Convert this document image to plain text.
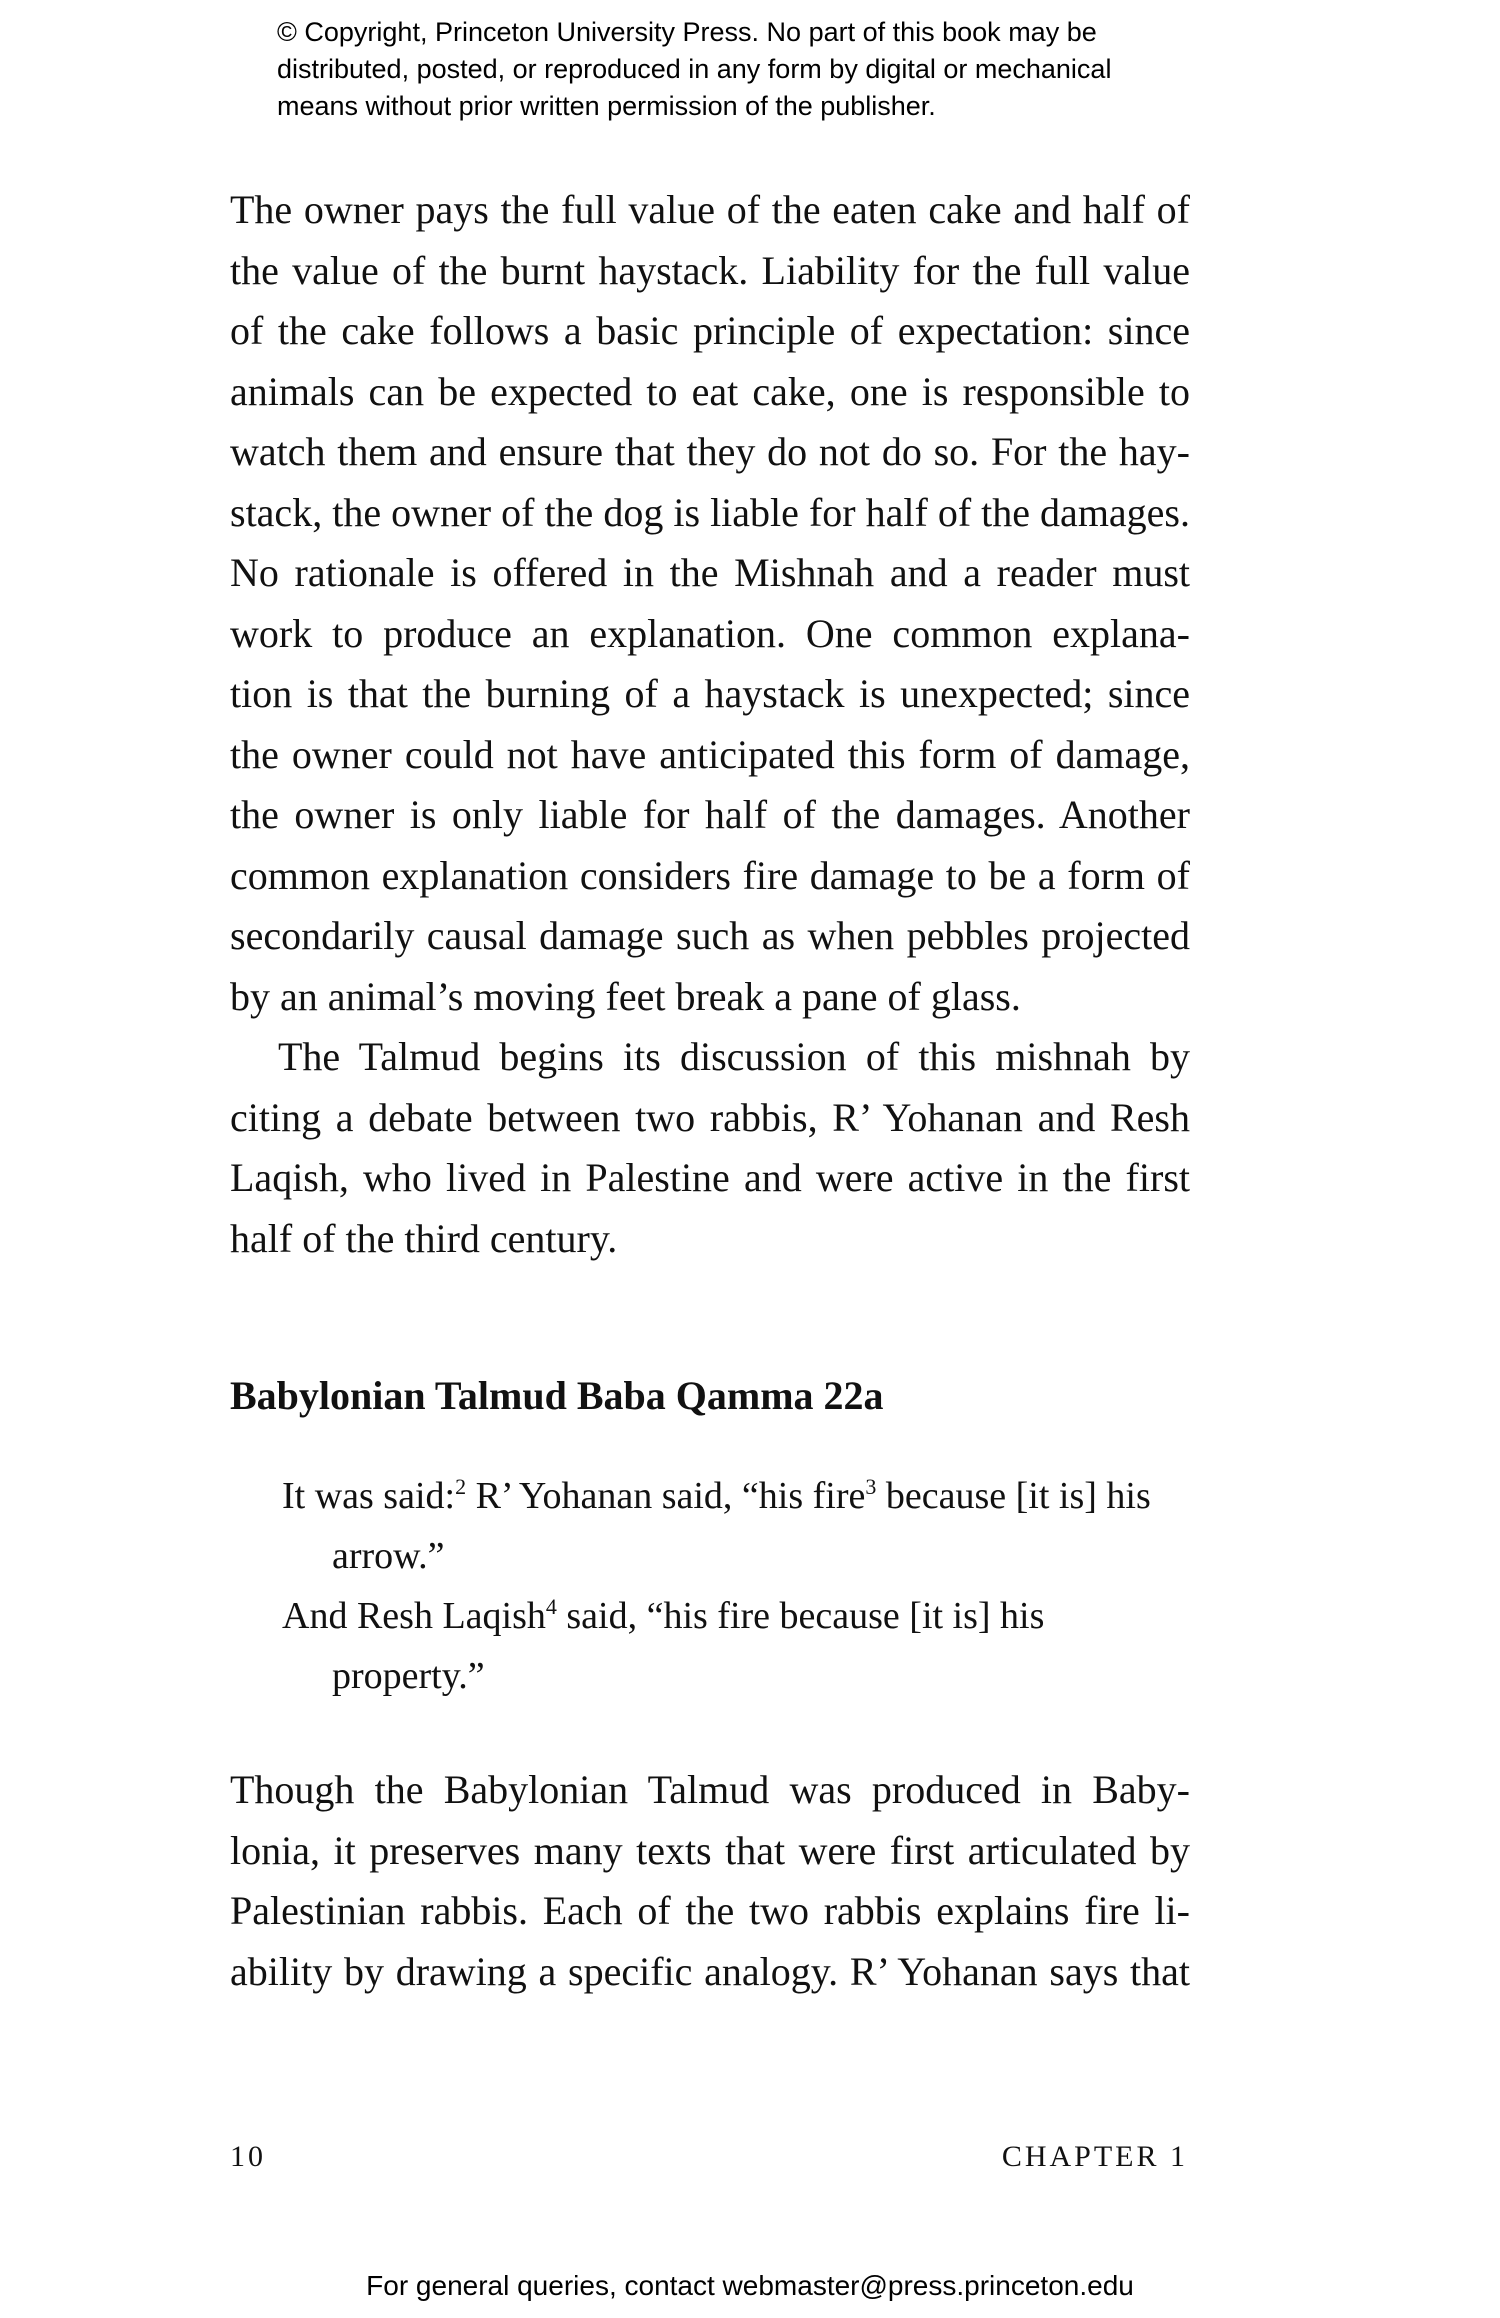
© Copyright, Princeton University Press. No part of this book may be
distributed, posted, or reproduced in any form by digital or mechanical
means without prior written permission of the publisher.

The owner pays the full value of the eaten cake and half of
the value of the burnt haystack. Liability for the full value
of the cake follows a basic principle of expectation: since
animals can be expected to eat cake, one is responsible to
watch them and ensure that they do not do so. For the hay-
stack, the owner of the dog is liable for half of the damages.
No rationale is offered in the Mishnah and a reader must
work to produce an explanation. One common explana-
tion is that the burning of a haystack is unexpected; since
the owner could not have anticipated this form of damage,
the owner is only liable for half of the damages. Another
common explanation considers fire damage to be a form of
secondarily causal damage such as when pebbles projected
by an animal’s moving feet break a pane of glass.

The Talmud begins its discussion of this mishnah by
citing a debate between two rabbis, R’ Yohanan and Resh
Laqish, who lived in Palestine and were active in the first
half of the third century.

Babylonian Talmud Baba Qamma 22a
It was said:$^2$ R’ Yohanan said, “his fire$^3$ because [it is] his
arrow.”
And Resh Laqish$^4$ said, “his fire because [it is] his
property.”

Though the Babylonian Talmud was produced in Baby-
lonia, it preserves many texts that were first articulated by
Palestinian rabbis. Each of the two rabbis explains fire li-
ability by drawing a specific analogy. R’ Yohanan says that

10	CHAPTER 1
For general queries, contact webmaster@press.princeton.edu
